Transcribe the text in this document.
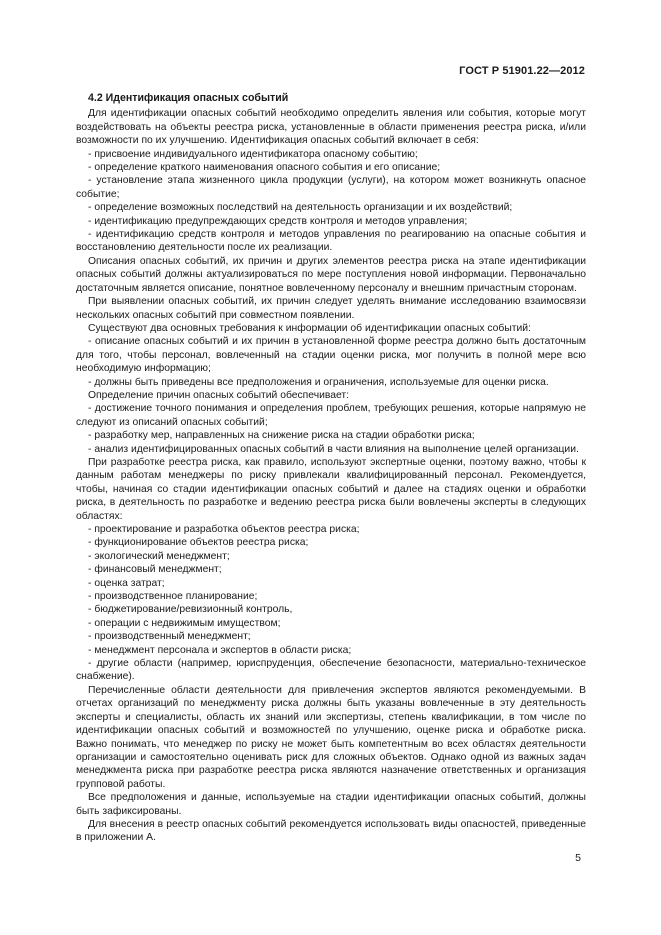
ГОСТ Р 51901.22—2012
4.2 Идентификация опасных событий

Для идентификации опасных событий необходимо определить явления или события, которые могут воздействовать на объекты реестра риска, установленные в области применения реестра риска, и/или возможности по их улучшению. Идентификация опасных событий включает в себя:

- присвоение индивидуального идентификатора опасному событию;

- определение краткого наименования опасного события и его описание;

- установление этапа жизненного цикла продукции (услуги), на котором может возникнуть опасное событие;

- определение возможных последствий на деятельность организации и их воздействий;

- идентификацию предупреждающих средств контроля и методов управления;

- идентификацию средств контроля и методов управления по реагированию на опасные события и восстановлению деятельности после их реализации.

Описания опасных событий, их причин и других элементов реестра риска на этапе идентификации опасных событий должны актуализироваться по мере поступления новой информации. Первоначально достаточным является описание, понятное вовлеченному персоналу и внешним причастным сторонам.

При выявлении опасных событий, их причин следует уделять внимание исследованию взаимосвязи нескольких опасных событий при совместном появлении.

Существуют два основных требования к информации об идентификации опасных событий:

- описание опасных событий и их причин в установленной форме реестра должно быть достаточным для того, чтобы персонал, вовлеченный на стадии оценки риска, мог получить в полной мере всю необходимую информацию;

- должны быть приведены все предположения и ограничения, используемые для оценки риска.

Определение причин опасных событий обеспечивает:

- достижение точного понимания и определения проблем, требующих решения, которые напрямую не следуют из описаний опасных событий;

- разработку мер, направленных на снижение риска на стадии обработки риска;

- анализ идентифицированных опасных событий в части влияния на выполнение целей организации.

При разработке реестра риска, как правило, используют экспертные оценки, поэтому важно, чтобы к данным работам менеджеры по риску привлекали квалифицированный персонал. Рекомендуется, чтобы, начиная со стадии идентификации опасных событий и далее на стадиях оценки и обработки риска, в деятельность по разработке и ведению реестра риска были вовлечены эксперты в следующих областях:

- проектирование и разработка объектов реестра риска;

- функционирование объектов реестра риска;

- экологический менеджмент;

- финансовый менеджмент;

- оценка затрат;

- производственное планирование;

- бюджетирование/ревизионный контроль,

- операции с недвижимым имуществом;

- производственный менеджмент;

- менеджмент персонала и экспертов в области риска;

- другие области (например, юриспруденция, обеспечение безопасности, материально-техническое снабжение).

Перечисленные области деятельности для привлечения экспертов являются рекомендуемыми. В отчетах организаций по менеджменту риска должны быть указаны вовлеченные в эту деятельность эксперты и специалисты, область их знаний или экспертизы, степень квалификации, в том числе по идентификации опасных событий и возможностей по улучшению, оценке риска и обработке риска. Важно понимать, что менеджер по риску не может быть компетентным во всех областях деятельности организации и самостоятельно оценивать риск для сложных объектов. Однако одной из важных задач менеджмента риска при разработке реестра риска являются назначение ответственных и организация групповой работы.

Все предположения и данные, используемые на стадии идентификации опасных событий, должны быть зафиксированы.

Для внесения в реестр опасных событий рекомендуется использовать виды опасностей, приведенные в приложении А.

5
